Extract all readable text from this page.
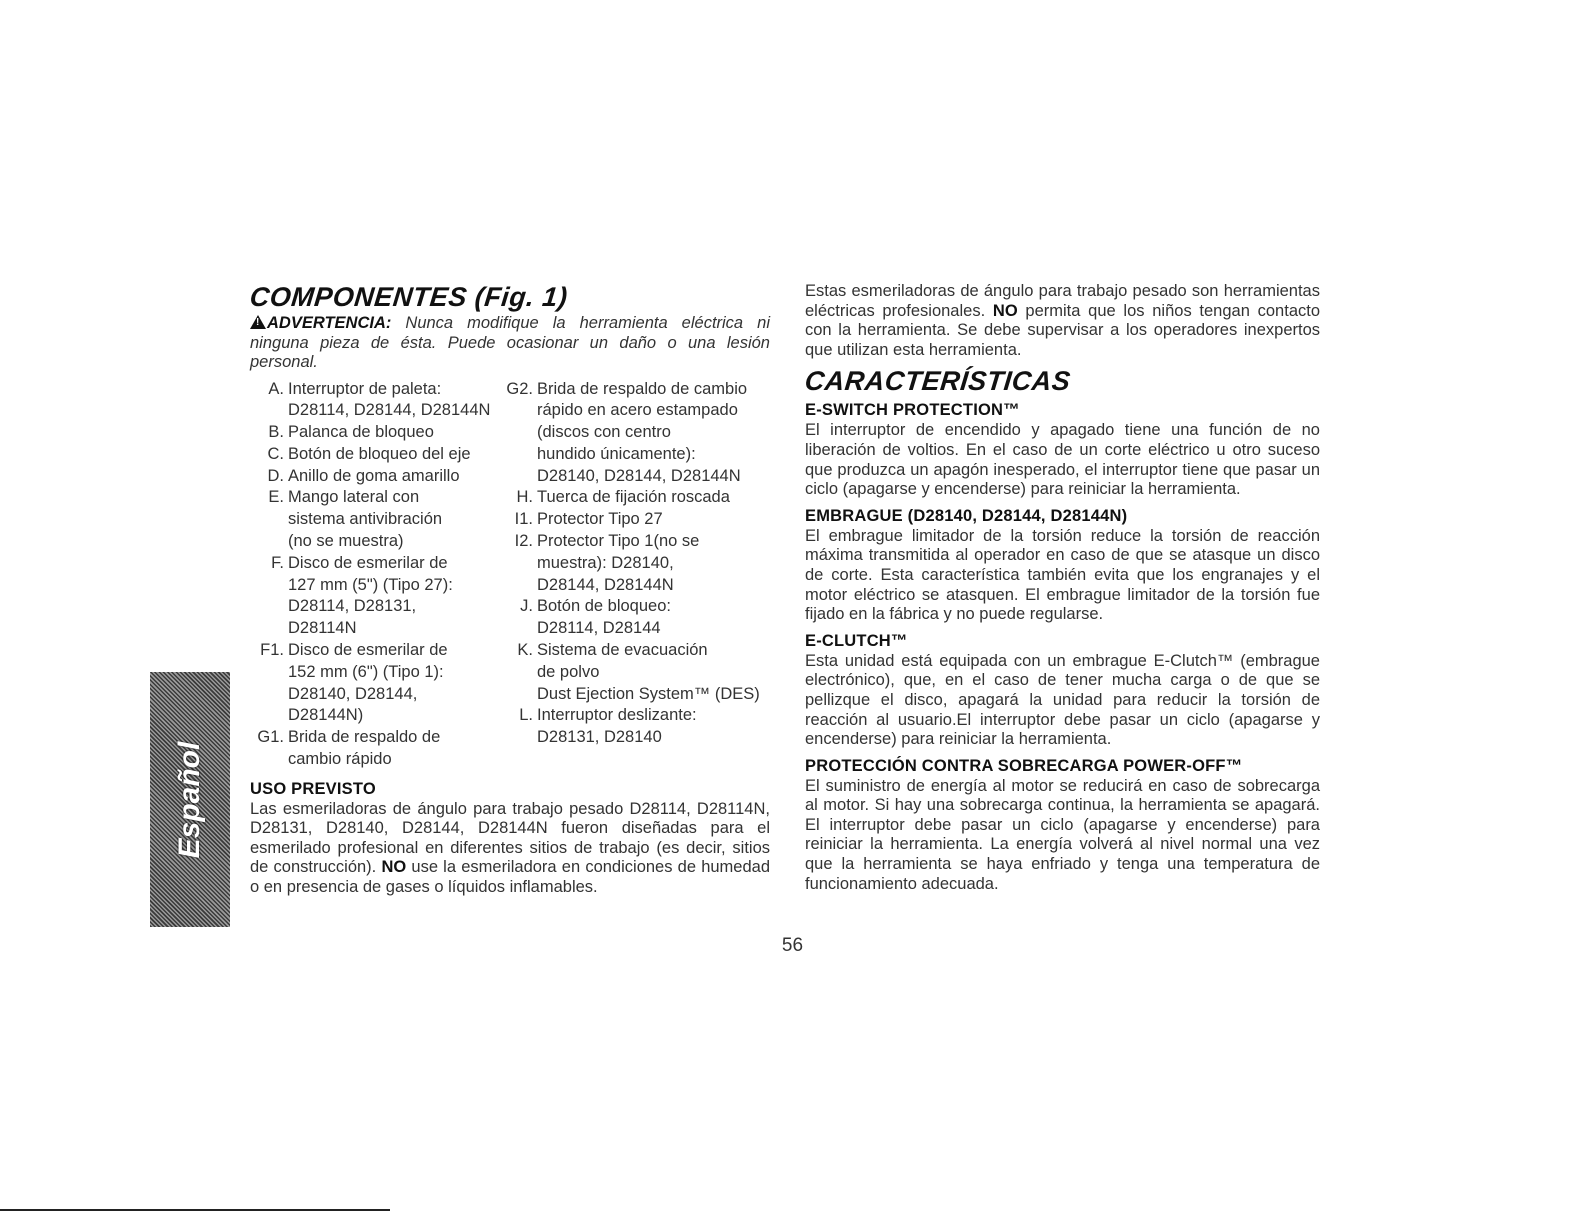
COMPONENTES (Fig. 1)

!ADVERTENCIA: Nunca modifique la herramienta eléctrica ni ninguna pieza de ésta. Puede ocasionar un daño o una lesión personal.

A. Interruptor de paleta:
D28114, D28144, D28144N
B. Palanca de bloqueo
C. Botón de bloqueo del eje
D. Anillo de goma amarillo
E. Mango lateral con
sistema antivibración
(no se muestra)
F. Disco de esmerilar de
127 mm (5") (Tipo 27):
D28114, D28131,
D28114N
F1. Disco de esmerilar de
152 mm (6") (Tipo 1):
D28140, D28144,
D28144N)
G1. Brida de respaldo de
cambio rápido
G2. Brida de respaldo de cambio
rápido en acero estampado
(discos con centro
hundido únicamente):
D28140, D28144, D28144N
H. Tuerca de fijación roscada
I1. Protector Tipo 27
I2. Protector Tipo 1(no se
muestra): D28140,
D28144, D28144N
J. Botón de bloqueo:
D28114, D28144
K. Sistema de evacuación
de polvo
Dust Ejection System™ (DES)
L. Interruptor deslizante:
D28131, D28140
USO PREVISTO

Las esmeriladoras de ángulo para trabajo pesado D28114, D28114N, D28131, D28140, D28144, D28144N fueron diseñadas para el esmerilado profesional en diferentes sitios de trabajo (es decir, sitios de construcción). NO use la esmeriladora en condiciones de humedad o en presencia de gases o líquidos inflamables.

Estas esmeriladoras de ángulo para trabajo pesado son herramientas eléctricas profesionales. NO permita que los niños tengan contacto con la herramienta. Se debe supervisar a los operadores inexpertos que utilizan esta herramienta.

CARACTERÍSTICAS
E-SWITCH PROTECTION™

El interruptor de encendido y apagado tiene una función de no liberación de voltios. En el caso de un corte eléctrico u otro suceso que produzca un apagón inesperado, el interruptor tiene que pasar un ciclo (apagarse y encenderse) para reiniciar la herramienta.

EMBRAGUE (D28140, D28144, D28144N)

El embrague limitador de la torsión reduce la torsión de reacción máxima transmitida al operador en caso de que se atasque un disco de corte. Esta característica también evita que los engranajes y el motor eléctrico se atasquen. El embrague limitador de la torsión fue fijado en la fábrica y no puede regularse.

E-CLUTCH™

Esta unidad está equipada con un embrague E-Clutch™ (embrague electrónico), que, en el caso de tener mucha carga o de que se pellizque el disco, apagará la unidad para reducir la torsión de reacción al usuario.El interruptor debe pasar un ciclo (apagarse y encenderse) para reiniciar la herramienta.

PROTECCIÓN CONTRA SOBRECARGA POWER-OFF™

El suministro de energía al motor se reducirá en caso de sobrecarga al motor. Si hay una sobrecarga continua, la herramienta se apagará. El interruptor debe pasar un ciclo (apagarse y encenderse) para reiniciar la herramienta. La energía volverá al nivel normal una vez que la herramienta se haya enfriado y tenga una temperatura de funcionamiento adecuada.

Español
56
